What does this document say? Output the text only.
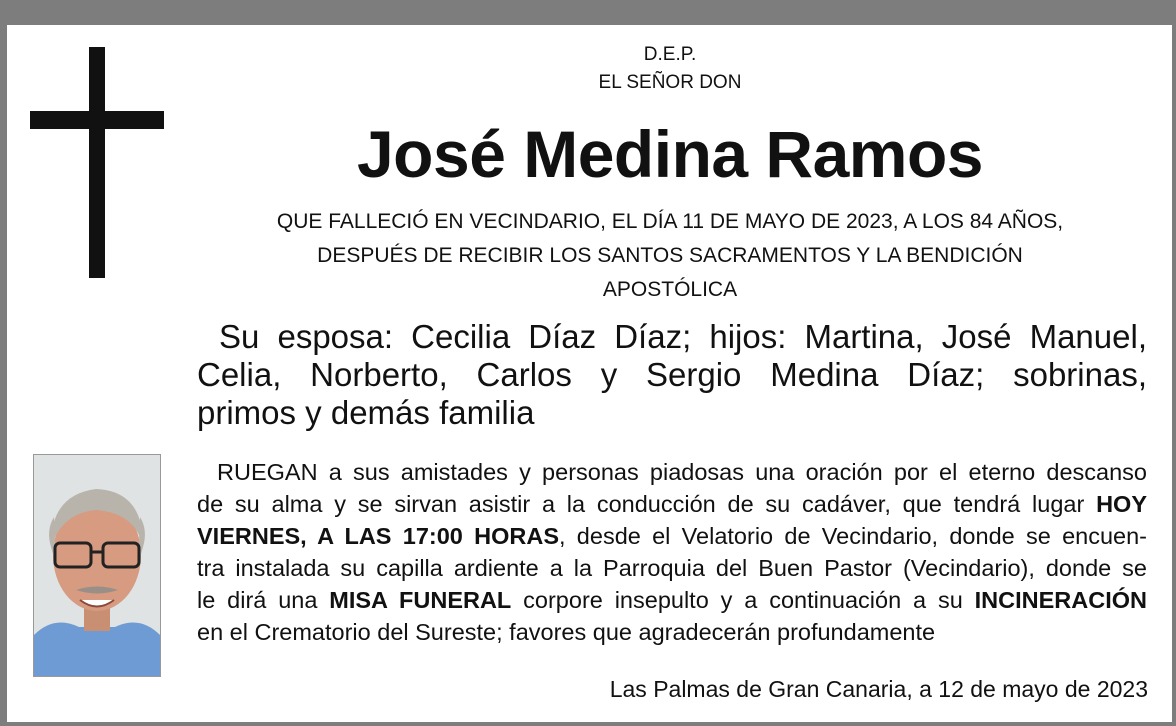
D.E.P.
EL SEÑOR DON
José Medina Ramos
QUE FALLECIÓ EN VECINDARIO, EL DÍA 11 DE MAYO DE 2023, A LOS 84 AÑOS,
DESPUÉS DE RECIBIR LOS SANTOS SACRAMENTOS Y LA BENDICIÓN
APOSTÓLICA
Su esposa: Cecilia Díaz Díaz; hijos: Martina, José Manuel,
Celia, Norberto, Carlos y Sergio Medina Díaz; sobrinas,
primos y demás familia
RUEGAN a sus amistades y personas piadosas una oración por el eterno descanso
de su alma y se sirvan asistir a la conducción de su cadáver, que tendrá lugar HOY
VIERNES, A LAS 17:00 HORAS, desde el Velatorio de Vecindario, donde se encuen-
tra instalada su capilla ardiente a la Parroquia del Buen Pastor (Vecindario), donde se
le dirá una MISA FUNERAL corpore insepulto y a continuación a su INCINERACIÓN
en el Crematorio del Sureste; favores que agradecerán profundamente
Las Palmas de Gran Canaria, a 12 de mayo de 2023
